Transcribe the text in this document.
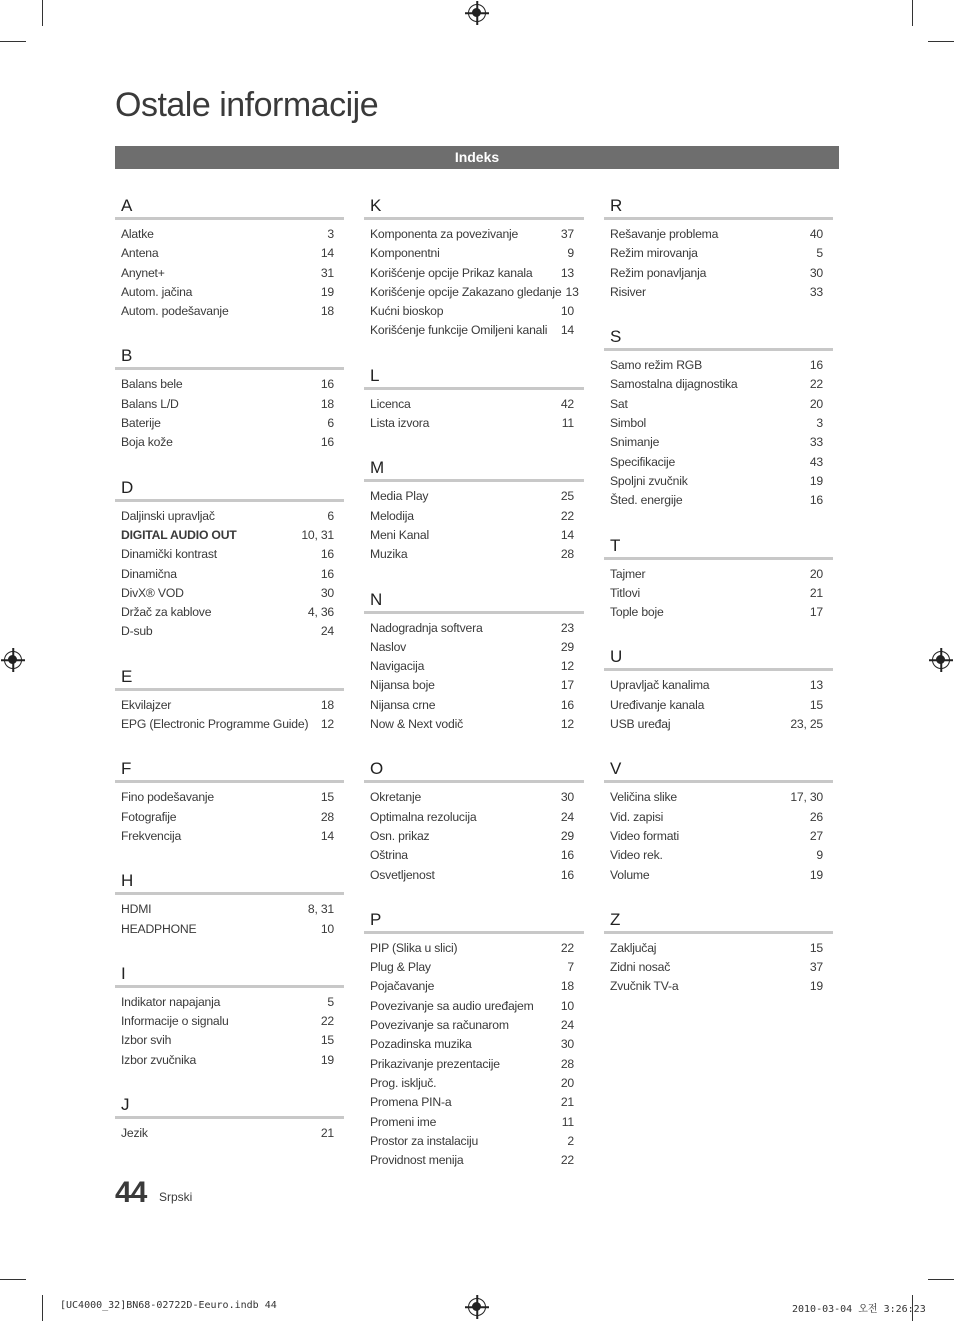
Ostale informacije
Indeks
A
Alatke	3
Antena	14
Anynet+	31
Autom. jačina	19
Autom. podešavanje	18
B
Balans bele	16
Balans L/D	18
Baterije	6
Boja kože	16
D
Daljinski upravljač	6
DIGITAL AUDIO OUT	10, 31
Dinamički kontrast	16
Dinamična	16
DivX® VOD	30
Držač za kablove	4, 36
D-sub	24
E
Ekvilajzer	18
EPG (Electronic Programme Guide)	12
F
Fino podešavanje	15
Fotografije	28
Frekvencija	14
H
HDMI	8, 31
HEADPHONE	10
I
Indikator napajanja	5
Informacije o signalu	22
Izbor svih	15
Izbor zvučnika	19
J
Jezik	21
K
Komponenta za povezivanje	37
Komponentni	9
Korišćenje opcije Prikaz kanala	13
Korišćenje opcije Zakazano gledanje 13
Kućni bioskop	10
Korišćenje funkcije Omiljeni kanali	14
L
Licenca	42
Lista izvora	11
M
Media Play	25
Melodija	22
Meni Kanal	14
Muzika	28
N
Nadogradnja softvera	23
Naslov	29
Navigacija	12
Nijansa boje	17
Nijansa crne	16
Now & Next vodič	12
O
Okretanje	30
Optimalna rezolucija	24
Osn. prikaz	29
Oštrina	16
Osvetljenost	16
P
PIP (Slika u slici)	22
Plug & Play	7
Pojačavanje	18
Povezivanje sa audio uređajem	10
Povezivanje sa računarom	24
Pozadinska muzika	30
Prikazivanje prezentacije	28
Prog. isključ.	20
Promena PIN-a	21
Promeni ime	11
Prostor za instalaciju	2
Providnost menija	22
R
Rešavanje problema	40
Režim mirovanja	5
Režim ponavljanja	30
Risiver	33
S
Samo režim RGB	16
Samostalna dijagnostika	22
Sat	20
Simbol	3
Snimanje	33
Specifikacije	43
Spoljni zvučnik	19
Šted. energije	16
T
Tajmer	20
Titlovi	21
Tople boje	17
U
Upravljač kanalima	13
Uređivanje kanala	15
USB uređaj	23, 25
V
Veličina slike	17, 30
Vid. zapisi	26
Video formati	27
Video rek.	9
Volume	19
Z
Zaključaj	15
Zidni nosač	37
Zvučnik TV-a	19
44 Srpski
[UC4000_32]BN68-02722D-Eeuro.indb 44	2010-03-04 오전 3:26:23
